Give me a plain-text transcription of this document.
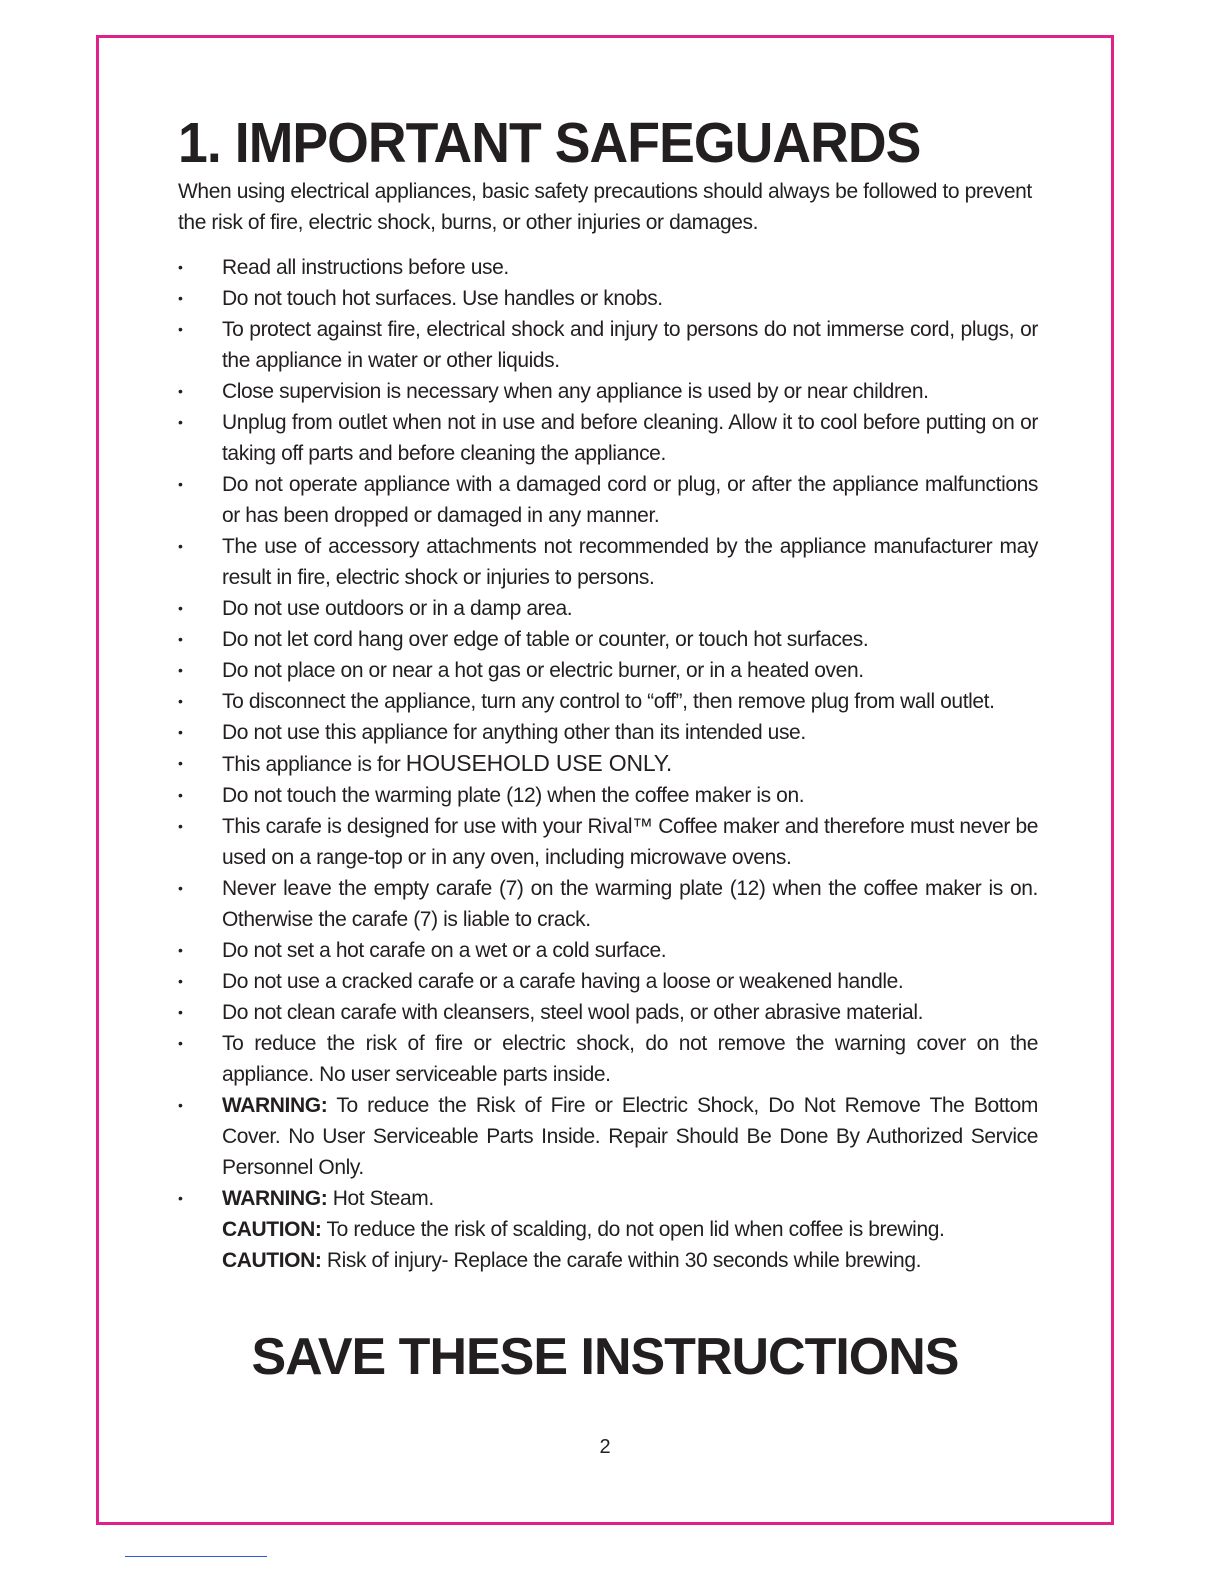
1. IMPORTANT SAFEGUARDS

When using electrical appliances, basic safety precautions should always be followed to prevent the risk of fire, electric shock, burns, or other injuries or damages.

• Read all instructions before use.
• Do not touch hot surfaces. Use handles or knobs.
• To protect against fire, electrical shock and injury to persons do not immerse cord, plugs, or the appliance in water or other liquids.
• Close supervision is necessary when any appliance is used by or near children.
• Unplug from outlet when not in use and before cleaning. Allow it to cool before putting on or taking off parts and before cleaning the appliance.
• Do not operate appliance with a damaged cord or plug, or after the appliance malfunctions or has been dropped or damaged in any manner.
• The use of accessory attachments not recommended by the appliance manufacturer may result in fire, electric shock or injuries to persons.
• Do not use outdoors or in a damp area.
• Do not let cord hang over edge of table or counter, or touch hot surfaces.
• Do not place on or near a hot gas or electric burner, or in a heated oven.
• To disconnect the appliance, turn any control to “off”, then remove plug from wall outlet.
• Do not use this appliance for anything other than its intended use.
• This appliance is for HOUSEHOLD USE ONLY.
• Do not touch the warming plate (12) when the coffee maker is on.
• This carafe is designed for use with your Rival™ Coffee maker and therefore must never be used on a range-top or in any oven, including microwave ovens.
• Never leave the empty carafe (7) on the warming plate (12) when the coffee maker is on. Otherwise the carafe (7) is liable to crack.
• Do not set a hot carafe on a wet or a cold surface.
• Do not use a cracked carafe or a carafe having a loose or weakened handle.
• Do not clean carafe with cleansers, steel wool pads, or other abrasive material.
• To reduce the risk of fire or electric shock, do not remove the warning cover on the appliance. No user serviceable parts inside.
• WARNING: To reduce the Risk of Fire or Electric Shock, Do Not Remove The Bottom Cover. No User Serviceable Parts Inside. Repair Should Be Done By Authorized Service Personnel Only.
• WARNING: Hot Steam.
CAUTION: To reduce the risk of scalding, do not open lid when coffee is brewing.
CAUTION: Risk of injury- Replace the carafe within 30 seconds while brewing.
SAVE THESE INSTRUCTIONS
2
